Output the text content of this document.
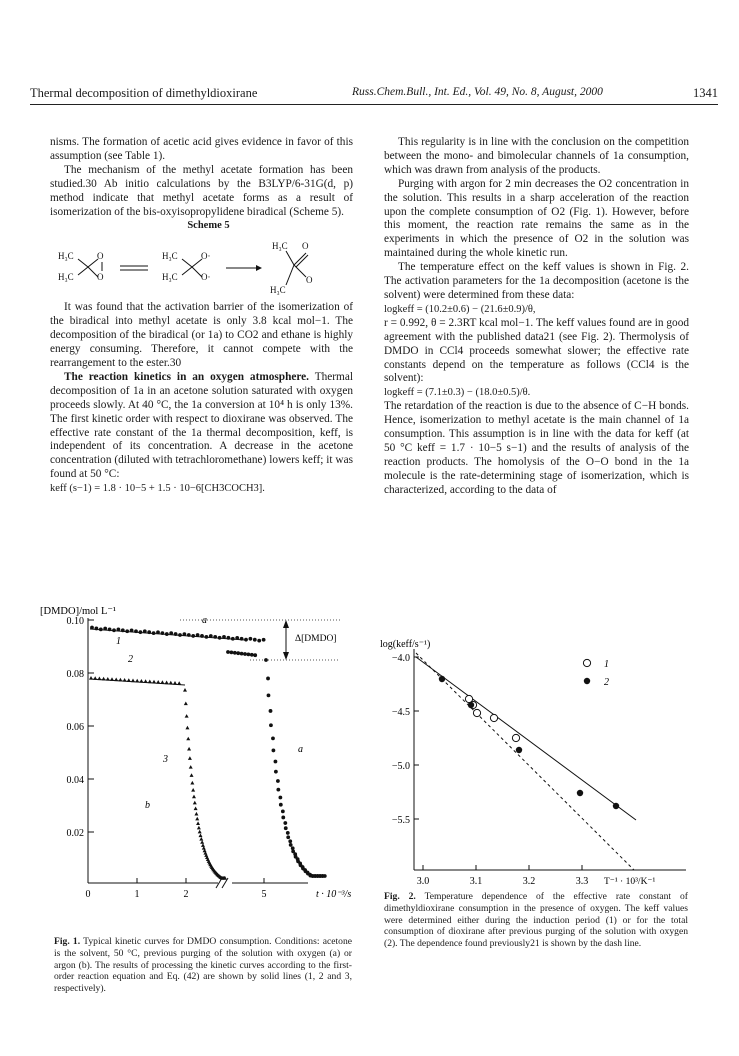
Thermal decomposition of dimethyldioxirane	Russ.Chem.Bull., Int. Ed., Vol. 49, No. 8, August, 2000	1341

nisms. The formation of acetic acid gives evidence in favor of this assumption (see Table 1).

The mechanism of the methyl acetate formation has been studied.30 Ab initio calculations by the B3LYP/6-31G(d, p) method indicate that methyl acetate forms as a result of isomerization of the bis-oxyisopropylidene biradical (Scheme 5).

Scheme 5

H₃C
H₃C
O
O
H₃C
H₃C
O·
O·
H₃C O
O
H₃C

It was found that the activation barrier of the isomerization of the biradical into methyl acetate is only 3.8 kcal mol−1. The decomposition of the biradical (or 1a) to CO2 and ethane is highly energy consuming. Therefore, it cannot compete with the rearrangement to the ester.30

The reaction kinetics in an oxygen atmosphere. Thermal decomposition of 1a in an acetone solution saturated with oxygen proceeds slowly. At 40 °C, the 1a conversion at 10⁴ h is only 13%. The first kinetic order with respect to dioxirane was observed. The effective rate constant of the 1a thermal decomposition, keff, is independent of its concentration. A decrease in the acetone concentration (diluted with tetrachloromethane) lowers keff; it was found at 50 °C:

keff (s−1) = 1.8 · 10−5 + 1.5 · 10−6[CH3COCH3].

This regularity is in line with the conclusion on the competition between the mono- and bimolecular channels of 1a consumption, which was drawn from analysis of the products.

Purging with argon for 2 min decreases the O2 concentration in the solution. This results in a sharp acceleration of the reaction upon the complete consumption of O2 (Fig. 1). However, before this moment, the reaction rate remains the same as in the experiments in which the presence of O2 in the solution was maintained during the whole kinetic run.

The temperature effect on the keff values is shown in Fig. 2. The activation parameters for the 1a decomposition (acetone is the solvent) were determined from these data:

logkeff = (10.2±0.6) − (21.6±0.9)/θ,

r = 0.992, θ = 2.3RT kcal mol−1. The keff values found are in good agreement with the published data21 (see Fig. 2). Thermolysis of DMDO in CCl4 proceeds somewhat slower; the effective rate constants depend on the temperature as follows (CCl4 is the solvent):

logkeff = (7.1±0.3) − (18.0±0.5)/θ.

The retardation of the reaction is due to the absence of C−H bonds. Hence, isomerization to methyl acetate is the main channel of 1a consumption. This assumption is in line with the data for keff (at 50 °C keff = 1.7 · 10−5 s−1) and the results of analysis of the reaction products. The homolysis of the O−O bond in the 1a molecule is the rate-determining stage of isomerization, which is characterized, according to the data of

[DMDO]/mol L⁻¹
0.10
0.08
0.06
0.04
0.02
0	1	2	5	t · 10⁻³/s
Δ[DMDO]
a
1
2
3
a
b
Fig. 1. Typical kinetic curves for DMDO consumption. Conditions: acetone is the solvent, 50 °C, previous purging of the solution with oxygen (a) or argon (b). The results of processing the kinetic curves according to the first-order reaction equation and Eq. (42) are shown by solid lines (1, 2 and 3, respectively).
log(keff/s⁻¹)
−4.0
−4.5
−5.0
−5.5
3.0	3.1	3.2	3.3 T⁻¹ · 10³/K⁻¹
1
2
Fig. 2. Temperature dependence of the effective rate constant of dimethyldioxirane consumption in the presence of oxygen. The keff values were determined either during the induction period (1) or for the total consumption of dioxirane after previous purging of the solution with oxygen (2). The dependence found previously21 is shown by the dash line.
